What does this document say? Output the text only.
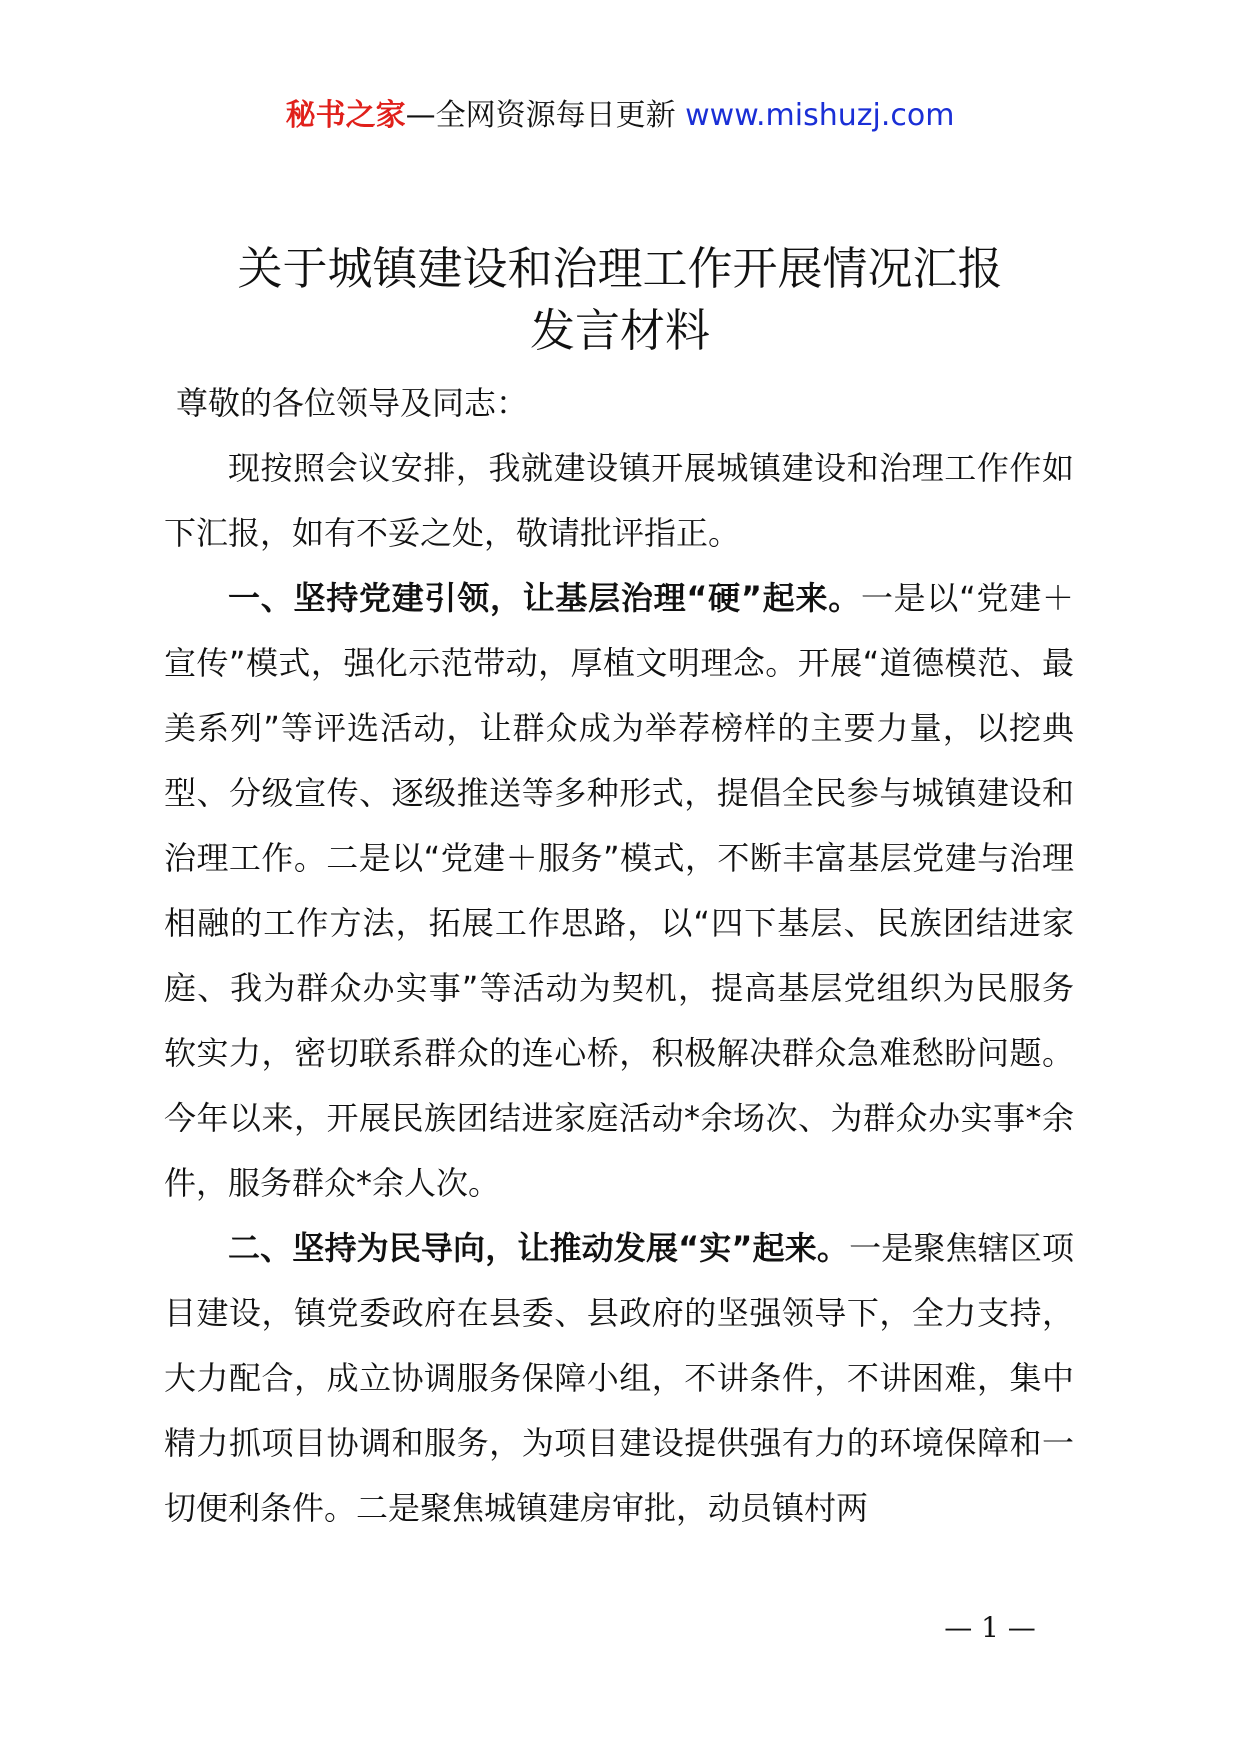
秘书之家—全网资源每日更新 www.mishuzj.com
关于城镇建设和治理工作开展情况汇报
发言材料

尊敬的各位领导及同志：

现按照会议安排，我就建设镇开展城镇建设和治理工作作如下汇报，如有不妥之处，敬请批评指正。

一、坚持党建引领，让基层治理“硬”起来。一是以“党建＋宣传”模式，强化示范带动，厚植文明理念。开展“道德模范、最美系列”等评选活动，让群众成为举荐榜样的主要力量，以挖典型、分级宣传、逐级推送等多种形式，提倡全民参与城镇建设和治理工作。二是以“党建＋服务”模式，不断丰富基层党建与治理相融的工作方法，拓展工作思路，以“四下基层、民族团结进家庭、我为群众办实事”等活动为契机，提高基层党组织为民服务软实力，密切联系群众的连心桥，积极解决群众急难愁盼问题。今年以来，开展民族团结进家庭活动*余场次、为群众办实事*余件，服务群众*余人次。

二、坚持为民导向，让推动发展“实”起来。一是聚焦辖区项目建设，镇党委政府在县委、县政府的坚强领导下，全力支持，大力配合，成立协调服务保障小组，不讲条件，不讲困难，集中精力抓项目协调和服务，为项目建设提供强有力的环境保障和一切便利条件。二是聚焦城镇建房审批，动员镇村两

— 1 —
